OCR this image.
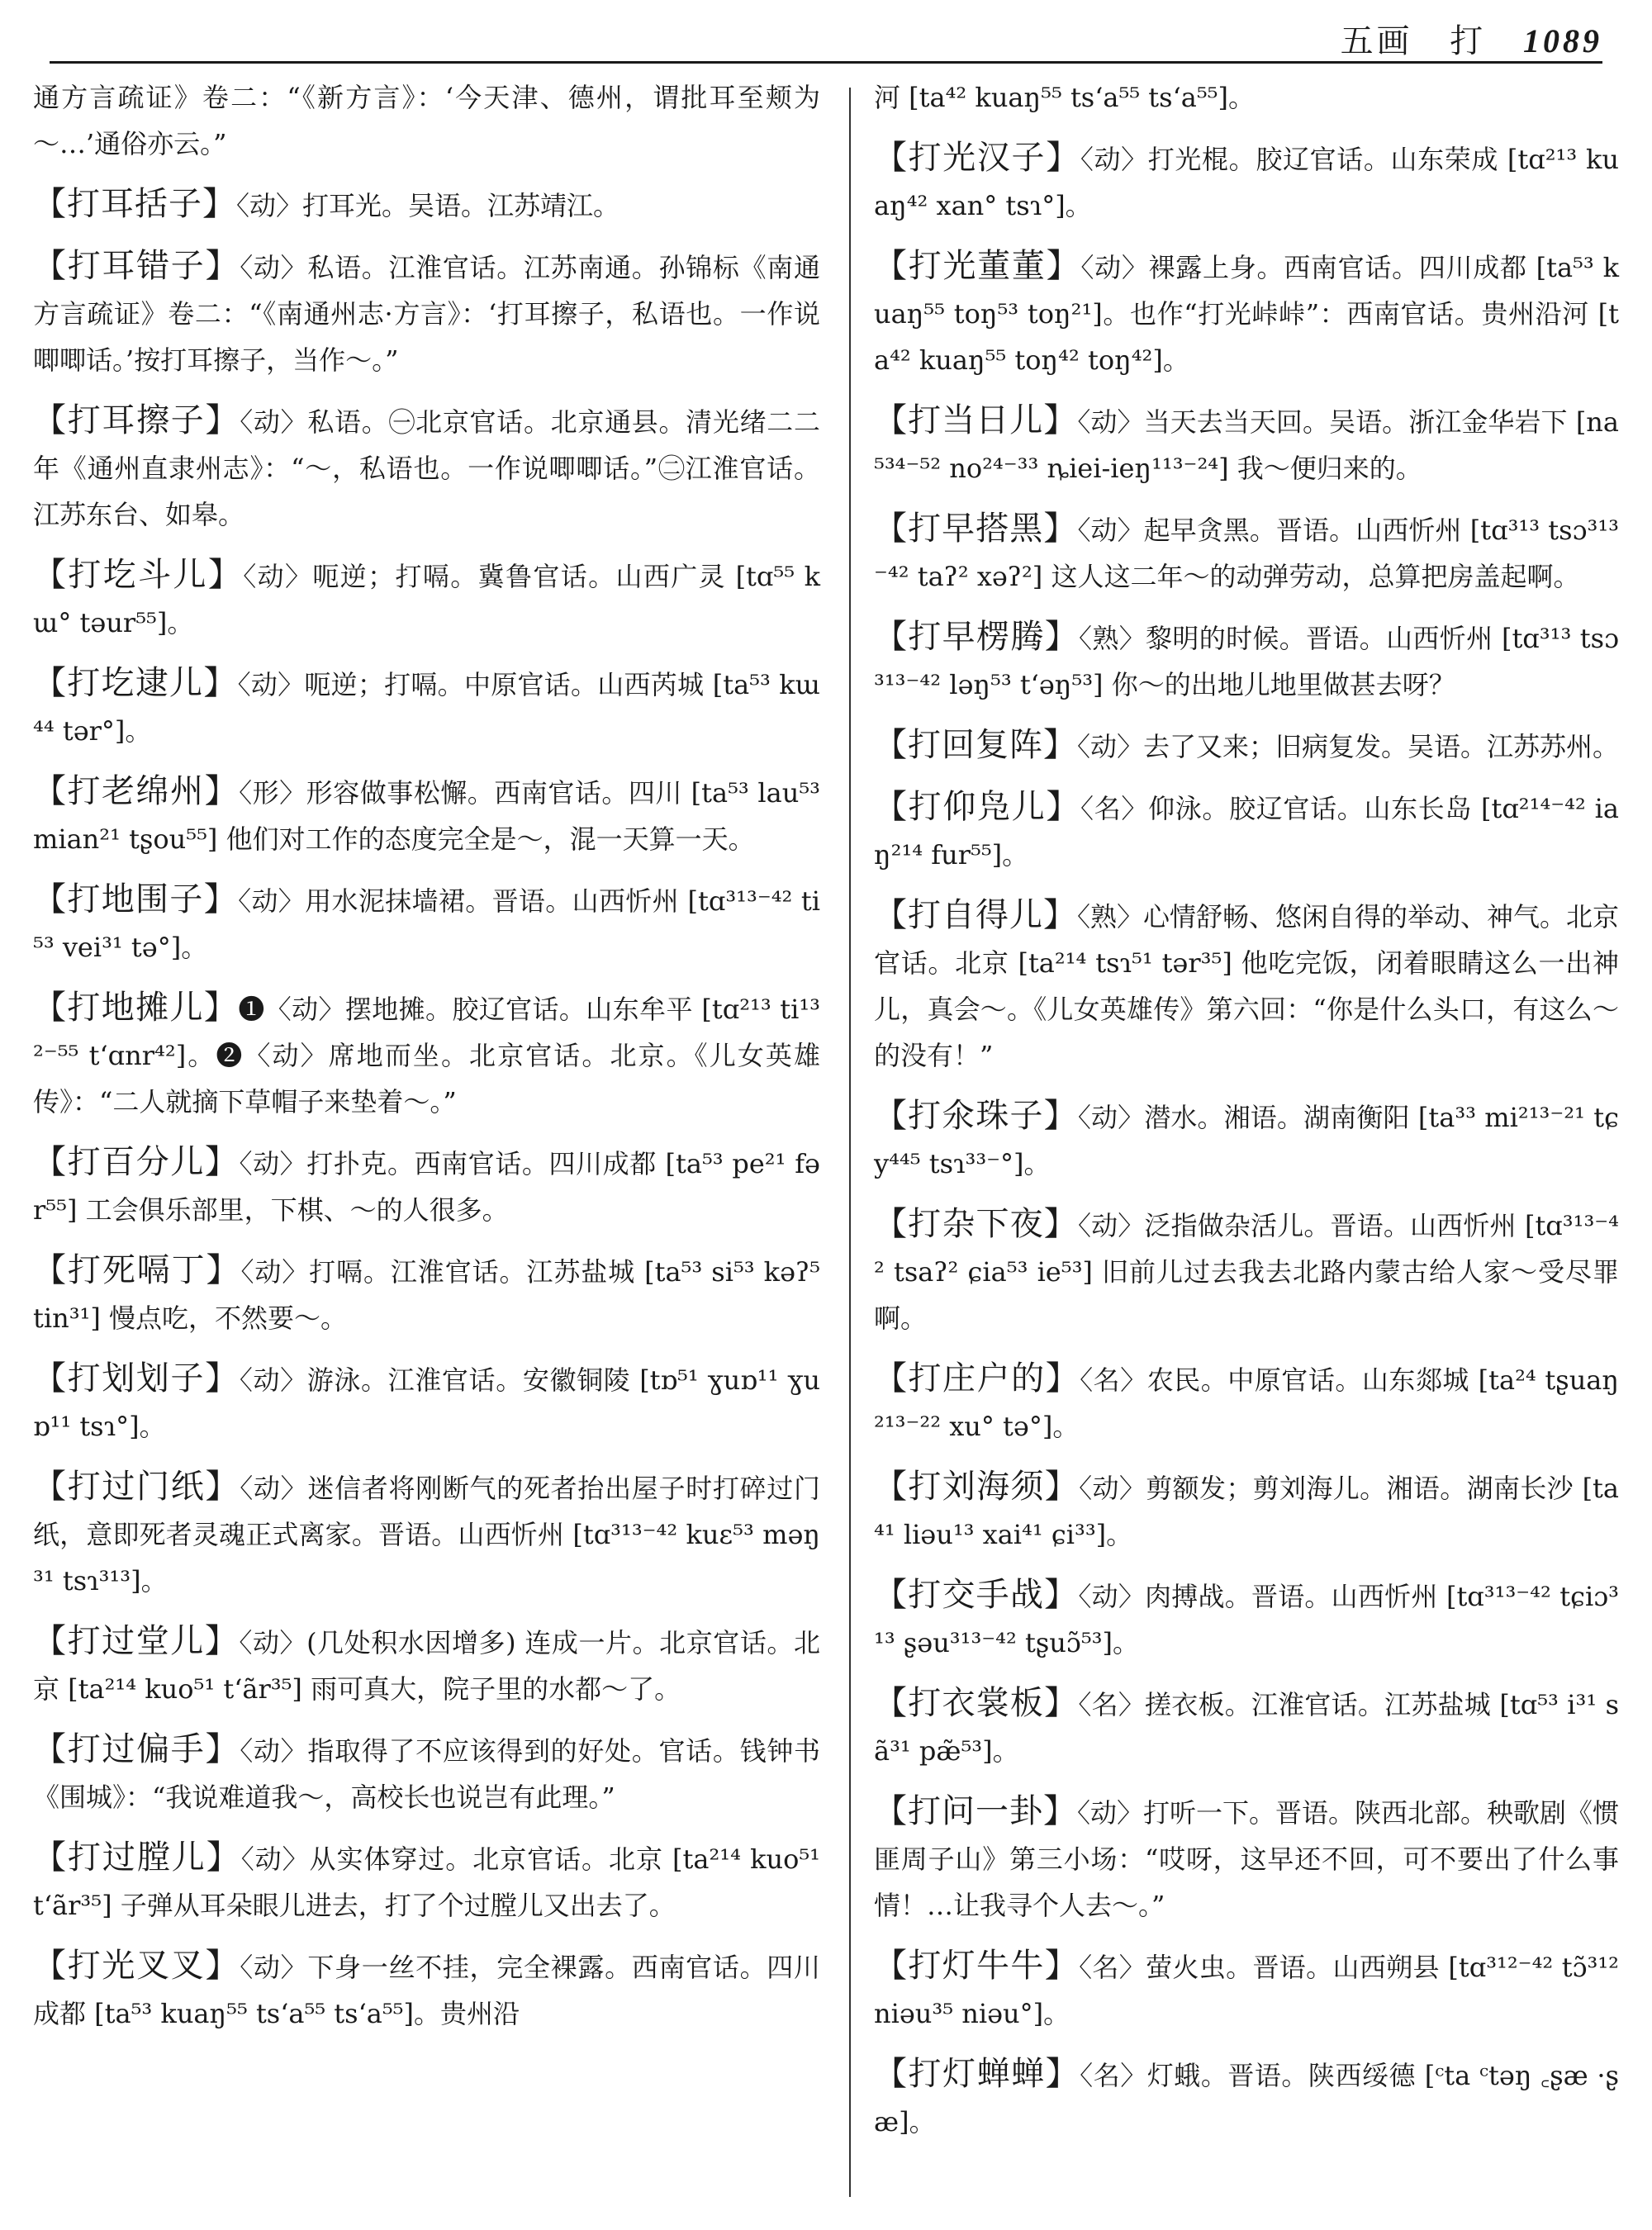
五画 打 1089

通方言疏证》卷二：“《新方言》：‘今天津、德州，谓批耳至颊为～…’通俗亦云。”

【打耳括子】〈动〉打耳光。吴语。江苏靖江。

【打耳错子】〈动〉私语。江淮官话。江苏南通。孙锦标《南通方言疏证》卷二：“《南通州志·方言》：‘打耳擦子，私语也。一作说唧唧话。’按打耳擦子，当作～。”

【打耳擦子】〈动〉私语。㊀北京官话。北京通县。清光绪二二年《通州直隶州志》：“～，私语也。一作说唧唧话。”㊁江淮官话。江苏东台、如皋。

【打圪斗儿】〈动〉呃逆；打嗝。冀鲁官话。山西广灵 [tɑ⁵⁵ kɯ° təur⁵⁵]。

【打圪逮儿】〈动〉呃逆；打嗝。中原官话。山西芮城 [ta⁵³ kɯ⁴⁴ tər°]。

【打老绵州】〈形〉形容做事松懈。西南官话。四川 [ta⁵³ lau⁵³ mian²¹ tʂou⁵⁵] 他们对工作的态度完全是～，混一天算一天。

【打地围子】〈动〉用水泥抹墙裙。晋语。山西忻州 [tɑ³¹³⁻⁴² ti⁵³ vei³¹ tə°]。

【打地摊儿】❶〈动〉摆地摊。胶辽官话。山东牟平 [tɑ²¹³ ti¹³²⁻⁵⁵ t‘ɑnr⁴²]。❷〈动〉席地而坐。北京官话。北京。《儿女英雄传》：“二人就摘下草帽子来垫着～。”

【打百分儿】〈动〉打扑克。西南官话。四川成都 [ta⁵³ pe²¹ fər⁵⁵] 工会俱乐部里，下棋、～的人很多。

【打死嗝丁】〈动〉打嗝。江淮官话。江苏盐城 [ta⁵³ si⁵³ kəʔ⁵ tin³¹] 慢点吃，不然要～。

【打划划子】〈动〉游泳。江淮官话。安徽铜陵 [tɒ⁵¹ ɣuɒ¹¹ ɣuɒ¹¹ tsɿ°]。

【打过门纸】〈动〉迷信者将刚断气的死者抬出屋子时打碎过门纸，意即死者灵魂正式离家。晋语。山西忻州 [tɑ³¹³⁻⁴² kuɛ⁵³ məŋ³¹ tsɿ³¹³]。

【打过堂儿】〈动〉(几处积水因增多) 连成一片。北京官话。北京 [ta²¹⁴ kuo⁵¹ t‘ãr³⁵] 雨可真大，院子里的水都～了。

【打过偏手】〈动〉指取得了不应该得到的好处。官话。钱钟书《围城》：“我说难道我～，高校长也说岂有此理。”

【打过膛儿】〈动〉从实体穿过。北京官话。北京 [ta²¹⁴ kuo⁵¹ t‘ãr³⁵] 子弹从耳朵眼儿进去，打了个过膛儿又出去了。

【打光叉叉】〈动〉下身一丝不挂，完全裸露。西南官话。四川成都 [ta⁵³ kuaŋ⁵⁵ ts‘a⁵⁵ ts‘a⁵⁵]。贵州沿

河 [ta⁴² kuaŋ⁵⁵ ts‘a⁵⁵ ts‘a⁵⁵]。

【打光汉子】〈动〉打光棍。胶辽官话。山东荣成 [tɑ²¹³ kuaŋ⁴² xan° tsɿ°]。

【打光董董】〈动〉裸露上身。西南官话。四川成都 [ta⁵³ kuaŋ⁵⁵ toŋ⁵³ toŋ²¹]。也作“打光峠峠”：西南官话。贵州沿河 [ta⁴² kuaŋ⁵⁵ toŋ⁴² toŋ⁴²]。

【打当日儿】〈动〉当天去当天回。吴语。浙江金华岩下 [na⁵³⁴⁻⁵² no²⁴⁻³³ ȵiei-ieŋ¹¹³⁻²⁴] 我～便归来的。

【打早搭黑】〈动〉起早贪黑。晋语。山西忻州 [tɑ³¹³ tsɔ³¹³⁻⁴² taʔ² xəʔ²] 这人这二年～的动弹劳动，总算把房盖起啊。

【打早楞腾】〈熟〉黎明的时候。晋语。山西忻州 [tɑ³¹³ tsɔ³¹³⁻⁴² ləŋ⁵³ t‘əŋ⁵³] 你～的出地儿地里做甚去呀？

【打回复阵】〈动〉去了又来；旧病复发。吴语。江苏苏州。

【打仰凫儿】〈名〉仰泳。胶辽官话。山东长岛 [tɑ²¹⁴⁻⁴² iaŋ²¹⁴ fur⁵⁵]。

【打自得儿】〈熟〉心情舒畅、悠闲自得的举动、神气。北京官话。北京 [ta²¹⁴ tsɿ⁵¹ tər³⁵] 他吃完饭，闭着眼睛这么一出神儿，真会～。《儿女英雄传》第六回：“你是什么头口，有这么～的没有！”

【打氽珠子】〈动〉潜水。湘语。湖南衡阳 [ta³³ mi²¹³⁻²¹ tɕy⁴⁴⁵ tsɿ³³⁻°]。

【打杂下夜】〈动〉泛指做杂活儿。晋语。山西忻州 [tɑ³¹³⁻⁴² tsaʔ² ɕia⁵³ ie⁵³] 旧前儿过去我去北路内蒙古给人家～受尽罪啊。

【打庄户的】〈名〉农民。中原官话。山东郯城 [ta²⁴ tʂuaŋ²¹³⁻²² xu° tə°]。

【打刘海须】〈动〉剪额发；剪刘海儿。湘语。湖南长沙 [ta⁴¹ liəu¹³ xai⁴¹ ɕi³³]。

【打交手战】〈动〉肉搏战。晋语。山西忻州 [tɑ³¹³⁻⁴² tɕiɔ³¹³ ʂəu³¹³⁻⁴² tʂuɔ̃⁵³]。

【打衣裳板】〈名〉搓衣板。江淮官话。江苏盐城 [tɑ⁵³ i³¹ sã³¹ pæ̃⁵³]。

【打问一卦】〈动〉打听一下。晋语。陕西北部。秧歌剧《惯匪周子山》第三小场：“哎呀，这早还不回，可不要出了什么事情！…让我寻个人去～。”

【打灯牛牛】〈名〉萤火虫。晋语。山西朔县 [tɑ³¹²⁻⁴² tɔ̃³¹² niəu³⁵ niəu°]。

【打灯蝉蝉】〈名〉灯蛾。晋语。陕西绥德 [ᶜta ᶜtəŋ ꜀ʂæ ·ʂæ]。
